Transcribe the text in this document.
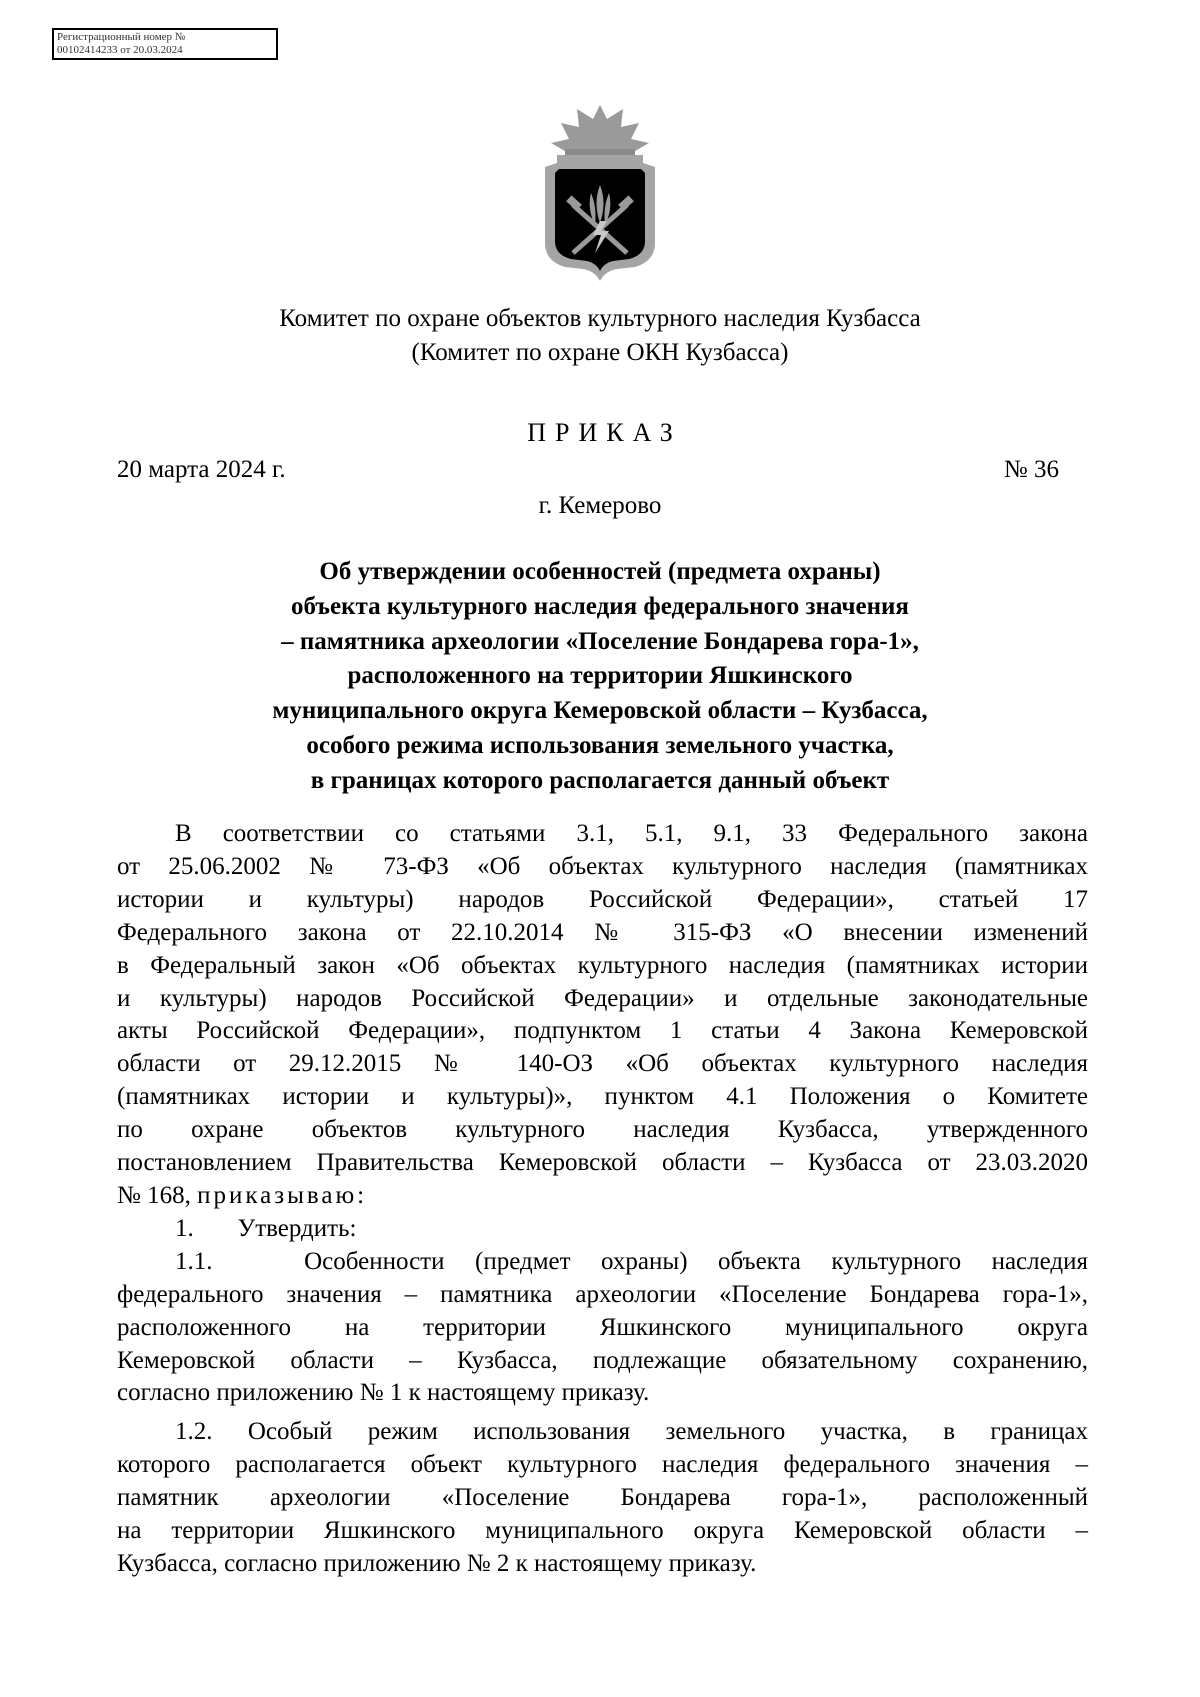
Регистрационный номер №
00102414233 от 20.03.2024
Комитет по охране объектов культурного наследия Кузбасса
(Комитет по охране ОКН Кузбасса)
ПРИКАЗ
20 марта 2024 г.	№ 36
г. Кемерово
Об утверждении особенностей (предмета охраны)
объекта культурного наследия федерального значения
– памятника археологии «Поселение Бондарева гора-1»,
расположенного на территории Яшкинского
муниципального округа Кемеровской области – Кузбасса,
особого режима использования земельного участка,
в границах которого располагается данный объект

В соответствии со статьями 3.1, 5.1, 9.1, 33 Федерального закона

от 25.06.2002 № 73-ФЗ «Об объектах культурного наследия (памятниках

истории и культуры) народов Российской Федерации», статьей 17

Федерального закона от 22.10.2014 № 315-ФЗ «О внесении изменений

в Федеральный закон «Об объектах культурного наследия (памятниках истории

и культуры) народов Российской Федерации» и отдельные законодательные

акты Российской Федерации», подпунктом 1 статьи 4 Закона Кемеровской

области от 29.12.2015 № 140-ОЗ «Об объектах культурного наследия

(памятниках истории и культуры)», пунктом 4.1 Положения о Комитете

по охране объектов культурного наследия Кузбасса, утвержденного

постановлением Правительства Кемеровской области – Кузбасса от 23.03.2020

№ 168, приказываю:

1.       Утвердить:

1.1.   Особенности (предмет охраны) объекта культурного наследия

федерального значения – памятника археологии «Поселение Бондарева гора-1»,

расположенного на территории Яшкинского муниципального округа

Кемеровской области – Кузбасса, подлежащие обязательному сохранению,

согласно приложению № 1 к настоящему приказу.

1.2. Особый режим использования земельного участка, в границах

которого располагается объект культурного наследия федерального значения –

памятник археологии «Поселение Бондарева гора-1», расположенный

на территории Яшкинского муниципального округа Кемеровской области –

Кузбасса, согласно приложению № 2 к настоящему приказу.
